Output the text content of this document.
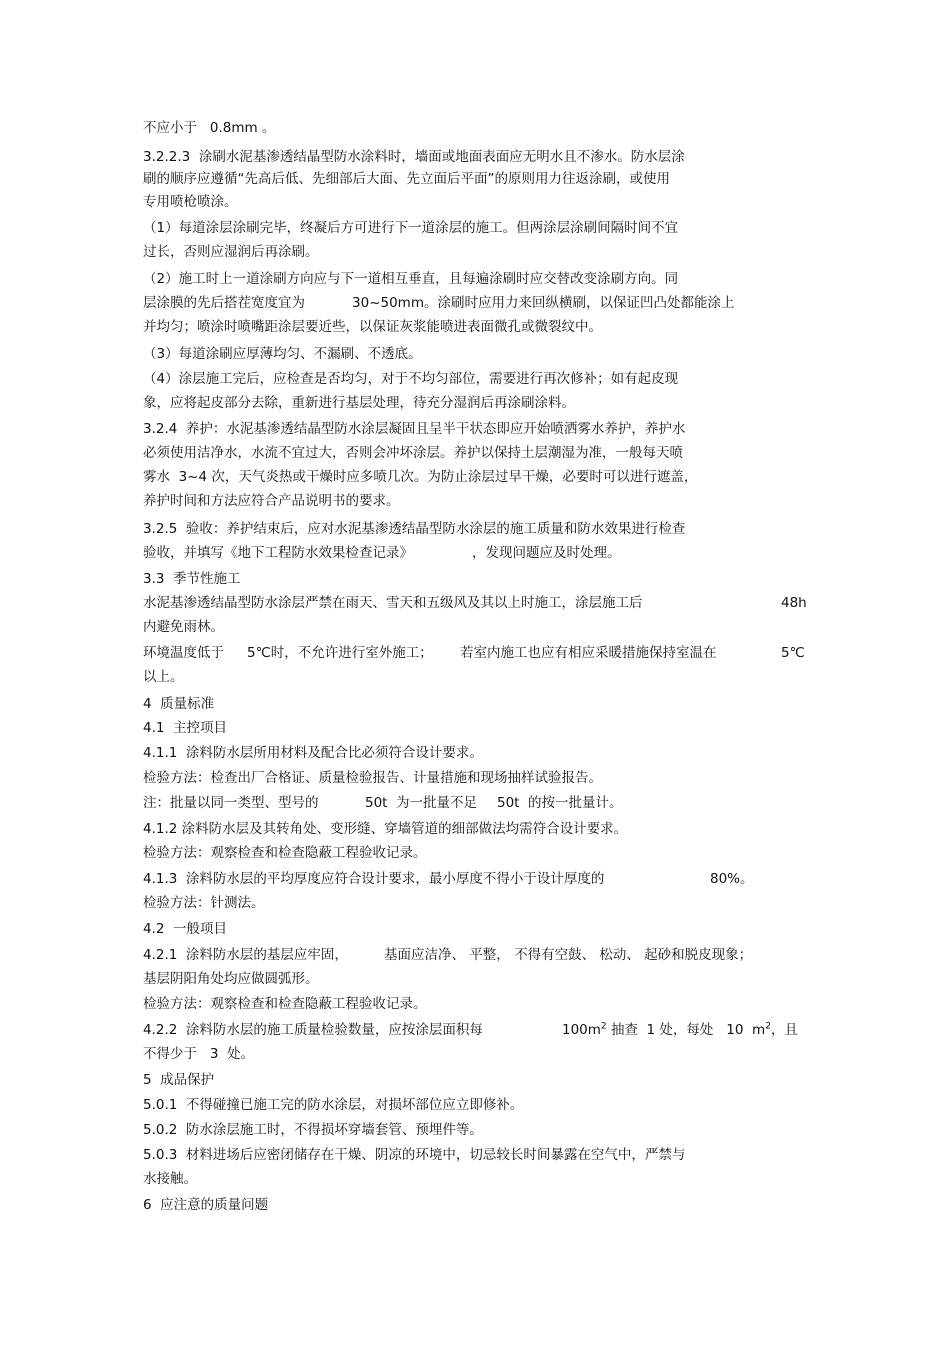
不应小于   0.8mm 。
3.2.2.3  涂刷水泥基渗透结晶型防水涂料时，墙面或地面表面应无明水且不渗水。防水层涂
刷的顺序应遵循“先高后低、先细部后大面、先立面后平面”的原则用力往返涂刷，或使用
专用喷枪喷涂。
（1）每道涂层涂刷完毕，终凝后方可进行下一道涂层的施工。但两涂层涂刷间隔时间不宜
过长，否则应湿润后再涂刷。
（2）施工时上一道涂刷方向应与下一道相互垂直，且每遍涂刷时应交替改变涂刷方向。同
层涂膜的先后搭茬宽度宜为	30~50mm。涂刷时应用力来回纵横刷，以保证凹凸处都能涂上
并均匀；喷涂时喷嘴距涂层要近些，以保证灰浆能喷进表面微孔或微裂纹中。
（3）每道涂刷应厚薄均匀、不漏刷、不透底。
（4）涂层施工完后，应检查是否均匀，对于不均匀部位，需要进行再次修补；如有起皮现
象，应将起皮部分去除，重新进行基层处理，待充分湿润后再涂刷涂料。
3.2.4  养护：水泥基渗透结晶型防水涂层凝固且呈半干状态即应开始喷洒雾水养护，养护水
必须使用洁净水，水流不宜过大，否则会冲坏涂层。养护以保持土层潮湿为准，一般每天喷
雾水  3~4 次，天气炎热或干燥时应多喷几次。为防止涂层过早干燥，必要时可以进行遮盖，
养护时间和方法应符合产品说明书的要求。
3.2.5  验收：养护结束后，应对水泥基渗透结晶型防水涂层的施工质量和防水效果进行检查
验收，并填写《地下工程防水效果检查记录》	，发现问题应及时处理。
3.3  季节性施工
水泥基渗透结晶型防水涂层严禁在雨天、雪天和五级风及其以上时施工，涂层施工后	48h
内避免雨林。
环境温度低于 5℃时，不允许进行室外施工； 若室内施工也应有相应采暖措施保持室温在	5℃
以上。
4  质量标准
4.1  主控项目
4.1.1  涂料防水层所用材料及配合比必须符合设计要求。
检验方法：检查出厂合格证、质量检验报告、计量措施和现场抽样试验报告。
注：批量以同一类型、型号的	50t  为一批量不足 50t  的按一批量计。
4.1.2 涂料防水层及其转角处、变形缝、穿墙管道的细部做法均需符合设计要求。
检验方法：观察检查和检查隐蔽工程验收记录。
4.1.3  涂料防水层的平均厚度应符合设计要求，最小厚度不得小于设计厚度的	80%。
检验方法：针测法。
4.2  一般项目
4.2.1  涂料防水层的基层应牢固，	基面应洁净、 平整， 不得有空鼓、 松动、 起砂和脱皮现象；
基层阴阳角处均应做圆弧形。
检验方法：观察检查和检查隐蔽工程验收记录。
4.2.2  涂料防水层的施工质量检验数量，应按涂层面积每	$100m^2$ 抽查  1 处，每处   10  $m^2$，且
不得少于   3  处。
5  成品保护
5.0.1  不得碰撞已施工完的防水涂层，对损坏部位应立即修补。
5.0.2  防水涂层施工时，不得损坏穿墙套管、预埋件等。
5.0.3  材料进场后应密闭储存在干燥、阴凉的环境中，切忌较长时间暴露在空气中，严禁与
水接触。
6  应注意的质量问题
